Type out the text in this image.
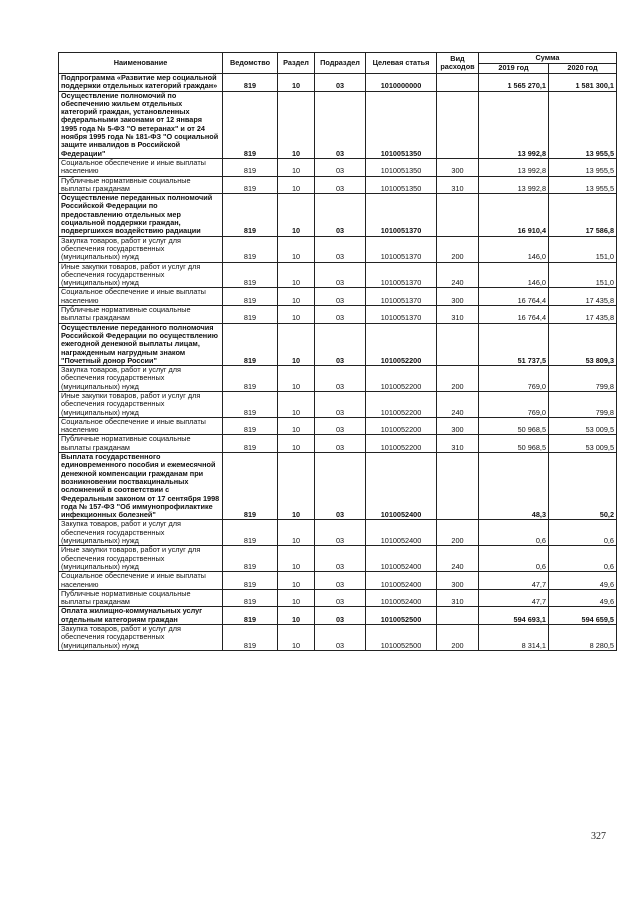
Наименование	Ведомство	Раздел	Подраздел	Целевая статья	Вид расходов	Сумма	
						2019 год	2020 год
Подпрограмма «Развитие мер социальной поддержки отдельных категорий граждан»	819	10	03	1010000000		1 565 270,1	1 581 300,1
Осуществление полномочий по обеспечению жильем отдельных категорий граждан, установленных федеральными законами от 12 января 1995 года № 5-ФЗ "О ветеранах" и от 24 ноября 1995 года № 181-ФЗ "О социальной защите инвалидов в Российской Федерации"	819	10	03	1010051350		13 992,8	13 955,5
Социальное обеспечение и иные выплаты населению	819	10	03	1010051350	300	13 992,8	13 955,5
Публичные нормативные социальные выплаты гражданам	819	10	03	1010051350	310	13 992,8	13 955,5
Осуществление переданных полномочий Российской Федерации по предоставлению отдельных мер социальной поддержки граждан, подвергшихся воздействию радиации	819	10	03	1010051370		16 910,4	17 586,8
Закупка товаров, работ и услуг для обеспечения государственных (муниципальных) нужд	819	10	03	1010051370	200	146,0	151,0
Иные закупки товаров, работ и услуг для обеспечения государственных (муниципальных) нужд	819	10	03	1010051370	240	146,0	151,0
Социальное обеспечение и иные выплаты населению	819	10	03	1010051370	300	16 764,4	17 435,8
Публичные нормативные социальные выплаты гражданам	819	10	03	1010051370	310	16 764,4	17 435,8
Осуществление переданного полномочия Российской Федерации по осуществлению ежегодной денежной выплаты лицам, награжденным нагрудным знаком "Почетный донор России"	819	10	03	1010052200		51 737,5	53 809,3
Закупка товаров, работ и услуг для обеспечения государственных (муниципальных) нужд	819	10	03	1010052200	200	769,0	799,8
Иные закупки товаров, работ и услуг для обеспечения государственных (муниципальных) нужд	819	10	03	1010052200	240	769,0	799,8
Социальное обеспечение и иные выплаты населению	819	10	03	1010052200	300	50 968,5	53 009,5
Публичные нормативные социальные выплаты гражданам	819	10	03	1010052200	310	50 968,5	53 009,5
Выплата государственного единовременного пособия и ежемесячной денежной компенсации гражданам при возникновении поствакцинальных осложнений в соответствии с Федеральным законом от 17 сентября 1998 года № 157-ФЗ "Об иммунопрофилактике инфекционных болезней"	819	10	03	1010052400		48,3	50,2
Закупка товаров, работ и услуг для обеспечения государственных (муниципальных) нужд	819	10	03	1010052400	200	0,6	0,6
Иные закупки товаров, работ и услуг для обеспечения государственных (муниципальных) нужд	819	10	03	1010052400	240	0,6	0,6
Социальное обеспечение и иные выплаты населению	819	10	03	1010052400	300	47,7	49,6
Публичные нормативные социальные выплаты гражданам	819	10	03	1010052400	310	47,7	49,6
Оплата жилищно-коммунальных услуг отдельным категориям граждан	819	10	03	1010052500		594 693,1	594 659,5
Закупка товаров, работ и услуг для обеспечения государственных (муниципальных) нужд	819	10	03	1010052500	200	8 314,1	8 280,5
327
